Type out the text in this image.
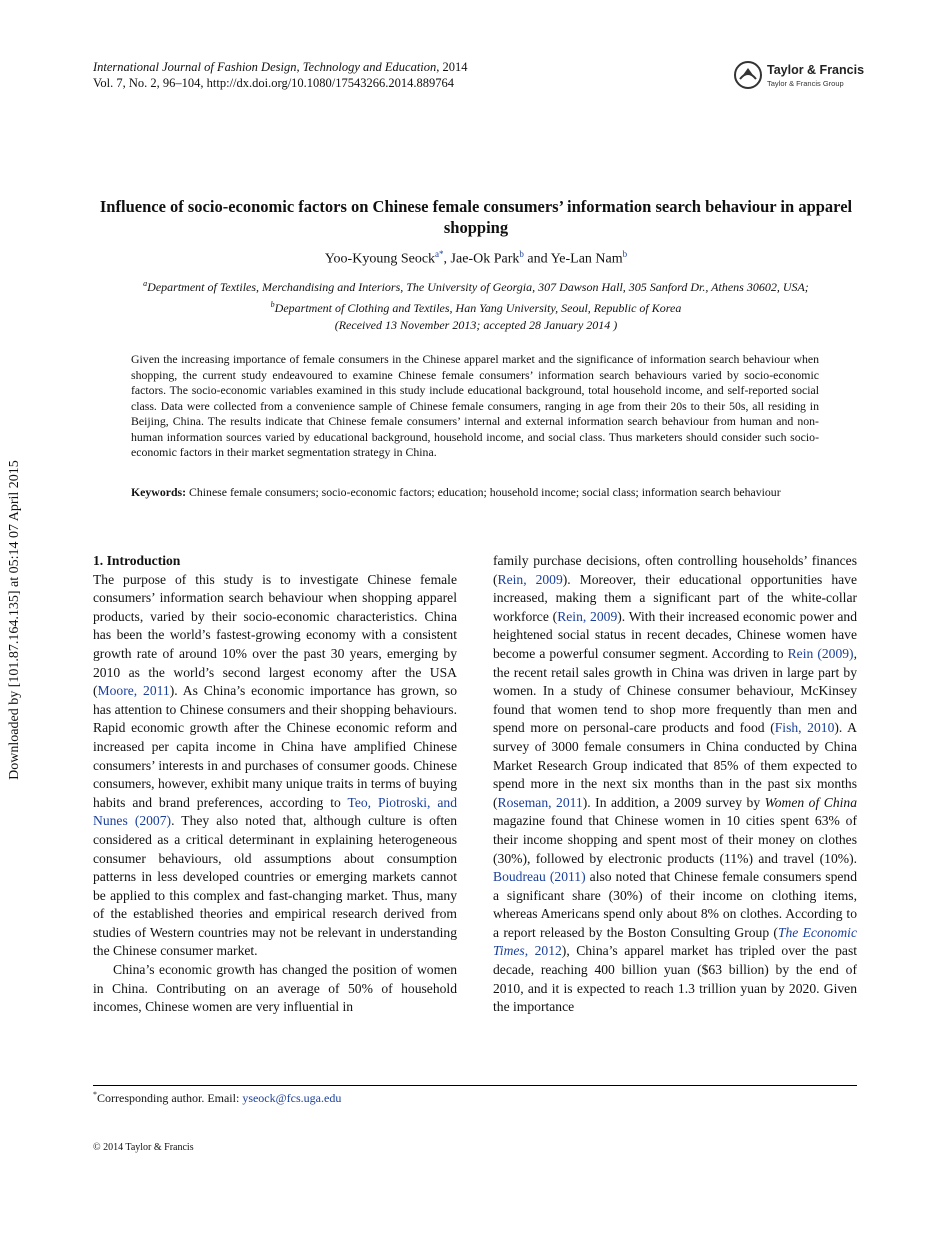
International Journal of Fashion Design, Technology and Education, 2014
Vol. 7, No. 2, 96–104, http://dx.doi.org/10.1080/17543266.2014.889764
Taylor & Francis
Taylor & Francis Group
Downloaded by [101.87.164.135] at 05:14 07 April 2015
Influence of socio-economic factors on Chinese female consumers’ information search behaviour in apparel shopping
Yoo-Kyoung Seock$^{a*}$, Jae-Ok Park$^b$ and Ye-Lan Nam$^b$
$^a$Department of Textiles, Merchandising and Interiors, The University of Georgia, 307 Dawson Hall, 305 Sanford Dr., Athens 30602, USA; $^b$Department of Clothing and Textiles, Han Yang University, Seoul, Republic of Korea
(Received 13 November 2013; accepted 28 January 2014 )
Given the increasing importance of female consumers in the Chinese apparel market and the significance of information search behaviour when shopping, the current study endeavoured to examine Chinese female consumers’ information search behaviours varied by socio-economic factors. The socio-economic variables examined in this study include educational background, total household income, and self-reported social class. Data were collected from a convenience sample of Chinese female consumers, ranging in age from their 20s to their 50s, all residing in Beijing, China. The results indicate that Chinese female consumers’ internal and external information search behaviour from human and non-human information sources varied by educational background, household income, and social class. Thus marketers should consider such socio-economic factors in their market segmentation strategy in China.
Keywords: Chinese female consumers; socio-economic factors; education; household income; social class; information search behaviour
1. Introduction

The purpose of this study is to investigate Chinese female consumers’ information search behaviour when shopping apparel products, varied by their socio-economic characteristics. China has been the world’s fastest-growing economy with a consistent growth rate of around 10% over the past 30 years, emerging by 2010 as the world’s second largest economy after the USA (Moore, 2011). As China’s economic importance has grown, so has attention to Chinese consumers and their shopping behaviours. Rapid economic growth after the Chinese economic reform and increased per capita income in China have amplified Chinese consumers’ interests in and purchases of consumer goods. Chinese consumers, however, exhibit many unique traits in terms of buying habits and brand preferences, according to Teo, Piotroski, and Nunes (2007). They also noted that, although culture is often considered as a critical determinant in explaining heterogeneous consumer behaviours, old assumptions about consumption patterns in less developed countries or emerging markets cannot be applied to this complex and fast-changing market. Thus, many of the established theories and empirical research derived from studies of Western countries may not be relevant in understanding the Chinese consumer market.

China’s economic growth has changed the position of women in China. Contributing on an average of 50% of household incomes, Chinese women are very influential in

family purchase decisions, often controlling households’ finances (Rein, 2009). Moreover, their educational opportunities have increased, making them a significant part of the white-collar workforce (Rein, 2009). With their increased economic power and heightened social status in recent decades, Chinese women have become a powerful consumer segment. According to Rein (2009), the recent retail sales growth in China was driven in large part by women. In a study of Chinese consumer behaviour, McKinsey found that women tend to shop more frequently than men and spend more on personal-care products and food (Fish, 2010). A survey of 3000 female consumers in China conducted by China Market Research Group indicated that 85% of them expected to spend more in the next six months than in the past six months (Roseman, 2011). In addition, a 2009 survey by Women of China magazine found that Chinese women in 10 cities spent 63% of their income shopping and spent most of their money on clothes (30%), followed by electronic products (11%) and travel (10%). Boudreau (2011) also noted that Chinese female consumers spend a significant share (30%) of their income on clothing items, whereas Americans spend only about 8% on clothes. According to a report released by the Boston Consulting Group (The Economic Times, 2012), China’s apparel market has tripled over the past decade, reaching 400 billion yuan ($63 billion) by the end of 2010, and it is expected to reach 1.3 trillion yuan by 2020. Given the importance

*Corresponding author. Email: yseock@fcs.uga.edu
© 2014 Taylor & Francis
